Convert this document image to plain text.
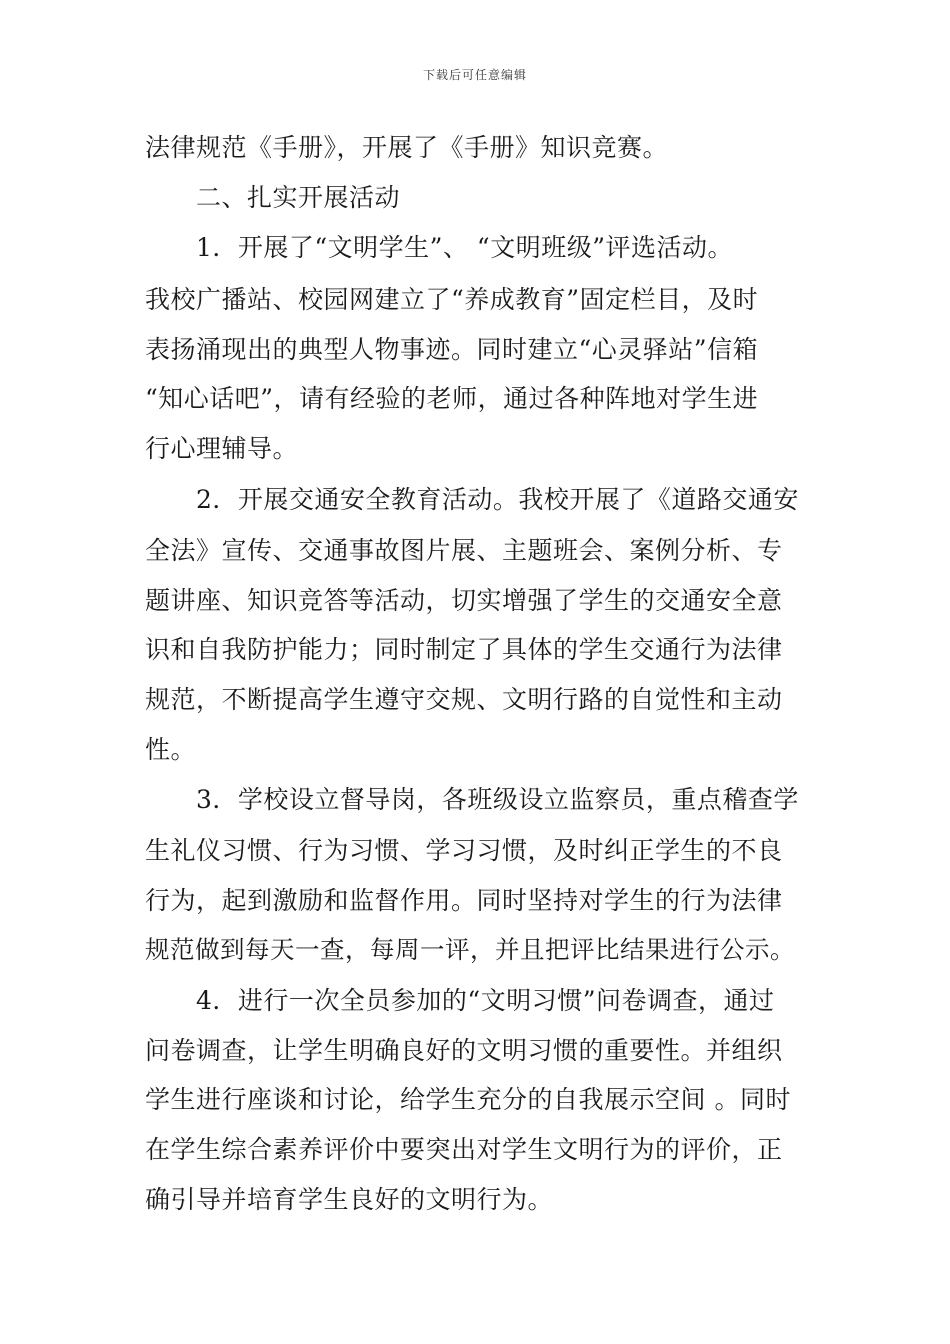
下载后可任意编辑
法律规范《手册》，开展了《手册》知识竞赛。
　　二、扎实开展活动
　　1．开展了“文明学生”、 “文明班级”评选活动。
我校广播站、校园网建立了“养成教育”固定栏目，及时
表扬涌现出的典型人物事迹。同时建立“心灵驿站”信箱
“知心话吧”，请有经验的老师，通过各种阵地对学生进
行心理辅导。
　　2．开展交通安全教育活动。我校开展了《道路交通安
全法》宣传、交通事故图片展、主题班会、案例分析、专
题讲座、知识竞答等活动，切实增强了学生的交通安全意
识和自我防护能力；同时制定了具体的学生交通行为法律
规范，不断提高学生遵守交规、文明行路的自觉性和主动
性。
　　3．学校设立督导岗，各班级设立监察员，重点稽查学
生礼仪习惯、行为习惯、学习习惯，及时纠正学生的不良
行为，起到激励和监督作用。同时坚持对学生的行为法律
规范做到每天一查，每周一评，并且把评比结果进行公示。
　　4．进行一次全员参加的“文明习惯”问卷调查，通过
问卷调查，让学生明确良好的文明习惯的重要性。并组织
学生进行座谈和讨论，给学生充分的自我展示空间 。同时
在学生综合素养评价中要突出对学生文明行为的评价，正
确引导并培育学生良好的文明行为。
